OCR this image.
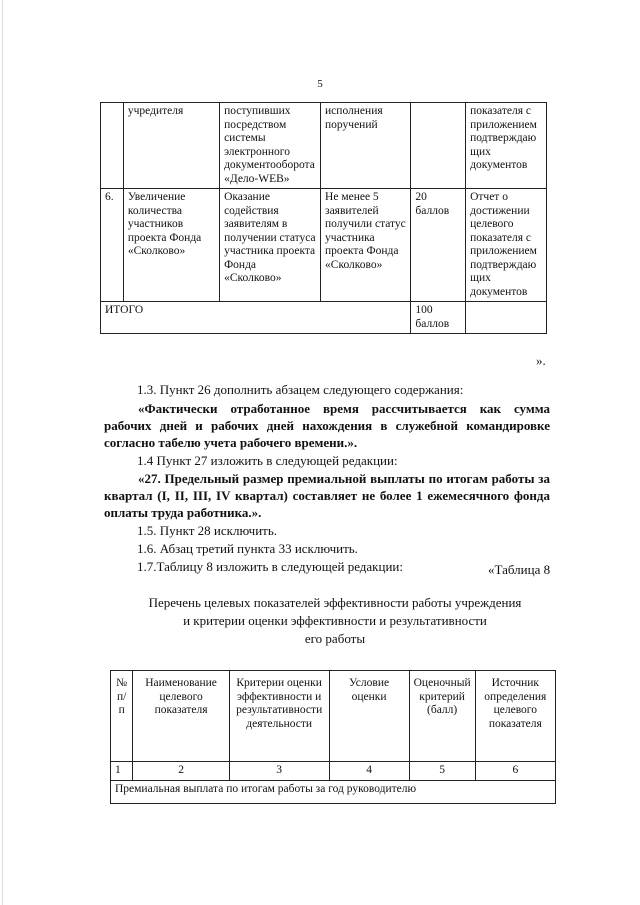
5
	учредителя	поступивших посредством системы электронного документооборота «Дело-WEB»	исполнения поручений		показателя с приложением подтверждаю щих документов
6.	Увеличение количества участников проекта Фонда «Сколково»	Оказание содействия заявителям в получении статуса участника проекта Фонда «Сколково»	Не менее 5 заявителей получили статус участника проекта Фонда «Сколково»	20 баллов	Отчет о достижении целевого показателя с приложением подтверждаю щих документов
ИТОГО				100 баллов	
».
1.3. Пункт 26 дополнить абзацем следующего содержания:
«Фактически отработанное время рассчитывается как сумма рабочих дней и рабочих дней нахождения в служебной командировке согласно табелю учета рабочего времени.».
1.4 Пункт 27 изложить в следующей редакции:
«27. Предельный размер премиальной выплаты по итогам работы за квартал (I, II, III, IV квартал) составляет не более 1 ежемесячного фонда оплаты труда работника.».
1.5. Пункт 28 исключить.
1.6. Абзац третий пункта 33 исключить.
1.7.Таблицу 8 изложить в следующей редакции:	«Таблица 8
Перечень целевых показателей эффективности работы учреждения
и критерии оценки эффективности и результативности
его работы
№ п/ п	Наименование целевого показателя	Критерии оценки эффективности и результативности деятельности	Условие оценки	Оценочный критерий (балл)	Источник определения целевого показателя
1	2	3	4	5	6
Премиальная выплата по итогам работы за год руководителю					
